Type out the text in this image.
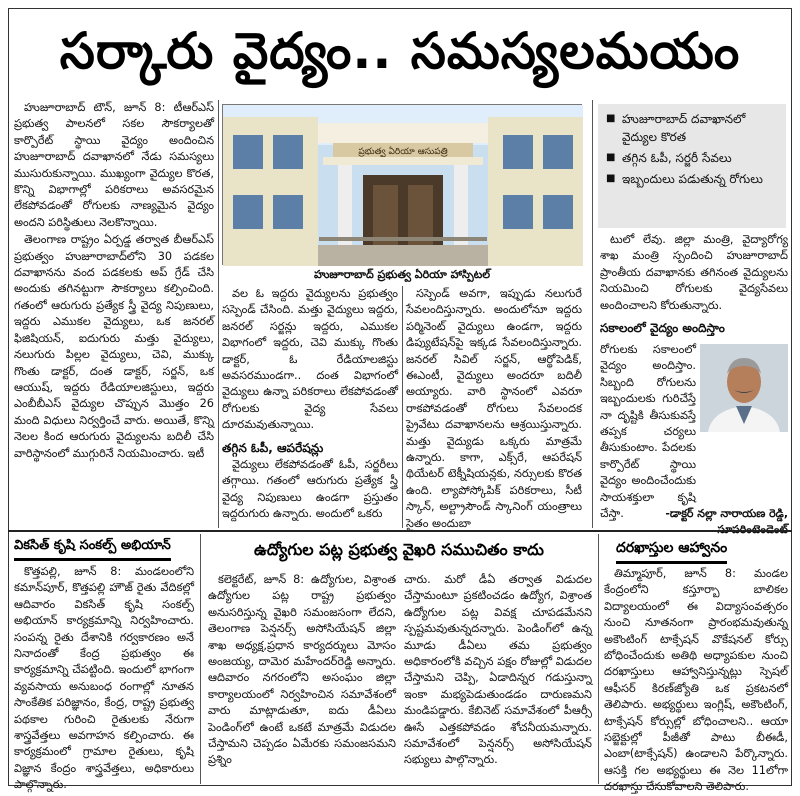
సర్కారు వైద్యం.. సమస్యలమయం

హుజూరాబాద్ టౌన్, జూన్ 8: టీఆర్ఎస్ ప్రభుత్వ పాలనలో సకల సౌకర్యాలతో కార్పొరేట్ స్థాయి వైద్యం అందించిన హుజూరాబాద్ దవాఖానలో నేడు సమస్యలు ముసురుకున్నాయి. ముఖ్యంగా వైద్యుల కొరత, కొన్ని విభాగాల్లో పరికరాలు అవసరమైన లేకపోవడంతో రోగులకు నాణ్యమైన వైద్యం అందని పరిస్థితులు నెలకొన్నాయి.

తెలంగాణ రాష్ట్రం ఏర్పడ్డ తర్వాత బీఆర్ఎస్ ప్రభుత్వం హుజూరాబాద్‌లోని 30 పడకల దవాఖానను వంద పడకలకు అప్ గ్రేడ్ చేసి అందుకు తగినట్టుగా సౌకర్యాలు కల్పించింది. గతంలో ఆరుగురు ప్రత్యేక స్త్రీ వైద్య నిపుణులు, ఇద్దరు ఎముకల వైద్యులు, ఒక జనరల్ ఫిజిషియన్, ఐదుగురు మత్తు వైద్యులు, నలుగురు పిల్లల వైద్యులు, చెవి, ముక్కు గొంతు డాక్టర్, దంత డాక్టర్, సర్జన్, ఒక ఆయుష్, ఇద్దరు రేడియాలజిస్టులు, ఇద్దరు ఎంబీబీఎస్ వైద్యుల చొప్పున మొత్తం 26 మంది విధులు నిర్వర్తించే వారు. అయితే, కొన్ని నెలల కింద ఆరుగురు వైద్యులను బదిలీ చేసి వారిస్థానంలో ముగ్గురినే నియమించారు. ఇటీ

ప్రభుత్వ ఏరియా ఆసుపత్రి
హుజూరాబాద్ ప్రభుత్వ ఏరియా హాస్పిటల్

వల ఓ ఇద్దరు వైద్యులను ప్రభుత్వం సస్పెండ్ చేసింది. మత్తు వైద్యులు ఇద్దరు, జనరల్ సర్జన్లు ఇద్దరు, ఎముకల విభాగంలో ఇద్దరు, చెవి ముక్కు గొంతు డాక్టర్, ఓ రేడియాలజిస్టు అవసరముండగా.. దంత విభాగంలో వైద్యులు ఉన్నా పరికరాలు లేకపోవడంతో రోగులకు వైద్య సేవలు దూరమవుతున్నాయి.

తగ్గిన ఓపీ, ఆపరేషన్లు

వైద్యులు లేకపోవడంతో ఓపీ, సర్జరీలు తగ్గాయి. గతంలో ఆరుగురు ప్రత్యేక స్త్రీ వైద్య నిపుణులు ఉండగా ప్రస్తుతం ఇద్దరుగురు ఉన్నారు. అందులో ఒకరు

సస్పెండ్ అవగా, ఇప్పుడు నలుగురే సేవలందిస్తున్నారు. అందులోనూ ఇద్దరు పర్మినెంట్ వైద్యులు ఉండగా, ఇద్దరు డిప్యుటేషన్‌పై ఇక్కడ సేవలందిస్తున్నారు. జనరల్ సివిల్ సర్జన్, ఆర్థోపెడిక్, ఈఎంటీ, వైద్యులు అందరూ బదిలీ అయ్యారు. వారి స్థానంలో ఎవరూ రాకపోవడంతో రోగులు సేవలందక ప్రైవేటు దవాఖానలను ఆశ్రయిస్తున్నారు. మత్తు వైద్యుడు ఒక్కరు మాత్రమే ఉన్నారు. కాగా, ఎక్స్‌రే, ఆపరేషన్ థియేటర్ టెక్నీషియన్లకు, నర్సులకు కొరత ఉంది. ల్యాపోస్కోపిక్ పరికరాలు, సీటీ స్కాన్, అల్ట్రాసౌండ్ స్కానింగ్ యంత్రాలు సైతం అందుబా

■ హుజూరాబాద్ దవాఖానలో వైద్యుల కొరత
■ తగ్గిన ఓపీ, సర్జరీ సేవలు
■ ఇబ్బందులు పడుతున్న రోగులు

టులో లేవు. జిల్లా మంత్రి, వైద్యారోగ్య శాఖ మంత్రి స్పందించి హుజూరాబాద్ ప్రాంతీయ దవాఖానకు తగినంత వైద్యులను నియమించి రోగులకు వైద్యసేవలు అందించాలని కోరుతున్నారు.

సకాలంలో వైద్యం అందిస్తాం

రోగులకు సకాలంలో వైద్యం అందిస్తాం. సిబ్బంది రోగులను ఇబ్బందులకు గురిచేస్తే నా దృష్టికి తీసుకువస్తే తప్పక చర్యలు తీసుకుంటాం. పేదలకు కార్పొరేట్ స్థాయి వైద్యం అందించేందుకు సాయశక్తులా కృషి చేస్తా.	-డాక్టర్ నల్లా నారాయణ రెడ్డి,
వికసిత్ కృషి సంకల్ప్ అభియాన్

కొత్తపల్లి, జూన్ 8: మండలంలోని కమాన్‌పూర్, కొత్తపల్లి హౌజ్ రైతు వేదికల్లో ఆదివారం వికసిత్ కృషి సంకల్ప్ అభియాన్ కార్యక్రమాన్ని నిర్వహించారు. సంపన్న రైతు దేశానికి గర్వకారణం అనే నినాదంతో కేంద్ర ప్రభుత్వం ఈ కార్యక్రమాన్ని చేపట్టింది. ఇందులో భాగంగా వ్యవసాయ అనుబంధ రంగాల్లో నూతన సాంకేతిక పరిజ్ఞానం, కేంద్ర, రాష్ట్ర ప్రభుత్వ పథకాల గురించి రైతులకు నేరుగా శాస్త్రవేత్తలు అవగాహన కల్పించారు. ఈ కార్యక్రమంలో గ్రామాల రైతులు, కృషి విజ్ఞాన కేంద్రం శాస్త్రవేత్తలు, అధికారులు పాల్గొన్నారు.

ఉద్యోగుల పట్ల ప్రభుత్వ వైఖరి సముచితం కాదు

కలెక్టరేట్, జూన్ 8: ఉద్యోగుల, విశ్రాంత ఉద్యోగుల పట్ల రాష్ట్ర ప్రభుత్వం అనుసరిస్తున్న వైఖరి సమంజసంగా లేదని, తెలంగాణ పెన్షనర్స్ అసోసియేషన్ జిల్లా శాఖ అధ్యక్ష,ప్రధాన కార్యదర్శులు మోసం అంజయ్య, దామెర మహేందర్‌రెడ్డి అన్నారు. ఆదివారం నగరంలోని అసంఘం జిల్లా కార్యాలయంలో నిర్వహించిన సమావేశంలో వారు మాట్లాడుతూ, ఐదు డీఏలు పెండింగ్‌లో ఉంటే ఒకటే మాత్రమే విడుదల చేస్తామని చెప్పడం ఏమేరకు సమంజసమని ప్రశ్నిం

చారు. మరో డీఏ తర్వాత విడుదల చేస్తామంటూ ప్రకటించడం ఉద్యోగ, విశ్రాంత ఉద్యోగుల పట్ల వివక్ష చూపడమేనని స్పష్టమవుతున్నదన్నారు. పెండింగ్‌లో ఉన్న మూడు డీఏలు తమ ప్రభుత్వం అధికారంలోకి వచ్చిన పక్షం రోజుల్లో విడుదల చేస్తామని చెప్పి, ఏడాదిన్నర గడుస్తున్నా ఇంకా మభ్యపెడుతుండడం దారుణమని మండిపడ్డారు. కేబినెట్ సమావేశంలో పీఆర్సీ ఊసే ఎత్తకపోవడం శోచనీయమన్నారు. సమావేశంలో పెన్షనర్స్ అసోసియేషన్ సభ్యులు పాల్గొన్నారు.

దరఖాస్తుల ఆహ్వానం

తిమ్మాపూర్, జూన్ 8: మండల కేంద్రంలోని కస్తూర్బా బాలికల విద్యాలయంలో ఈ విద్యాసంవత్సరం నుంచి నూతనంగా ప్రారంభమవుతున్న అకౌంటింగ్ టాక్సేషన్ వొకేషనల్ కోర్సు బోధించేందుకు అతిథి అధ్యాపకుల నుంచి దరఖాస్తులు ఆహ్వానిస్తున్నట్లు స్పెషల్ ఆఫీసర్ కిరణ్‌జ్యోతి ఒక ప్రకటనలో తెలిపారు. అభ్యర్థులు ఇంగ్లిష్, అకౌంటింగ్, టాక్సేషన్ కోర్సుల్లో బోధించాలని.. ఆయా సబ్జెక్టుల్లో పీజీతో పాటు బీఈడీ, ఎంబా(టాక్సేషన్) ఉండాలని పేర్కొన్నారు. ఆసక్తి గల అభ్యర్థులు ఈ నెల 11లోగా దరఖాస్తు చేసుకోవాలని తెలిపారు.
